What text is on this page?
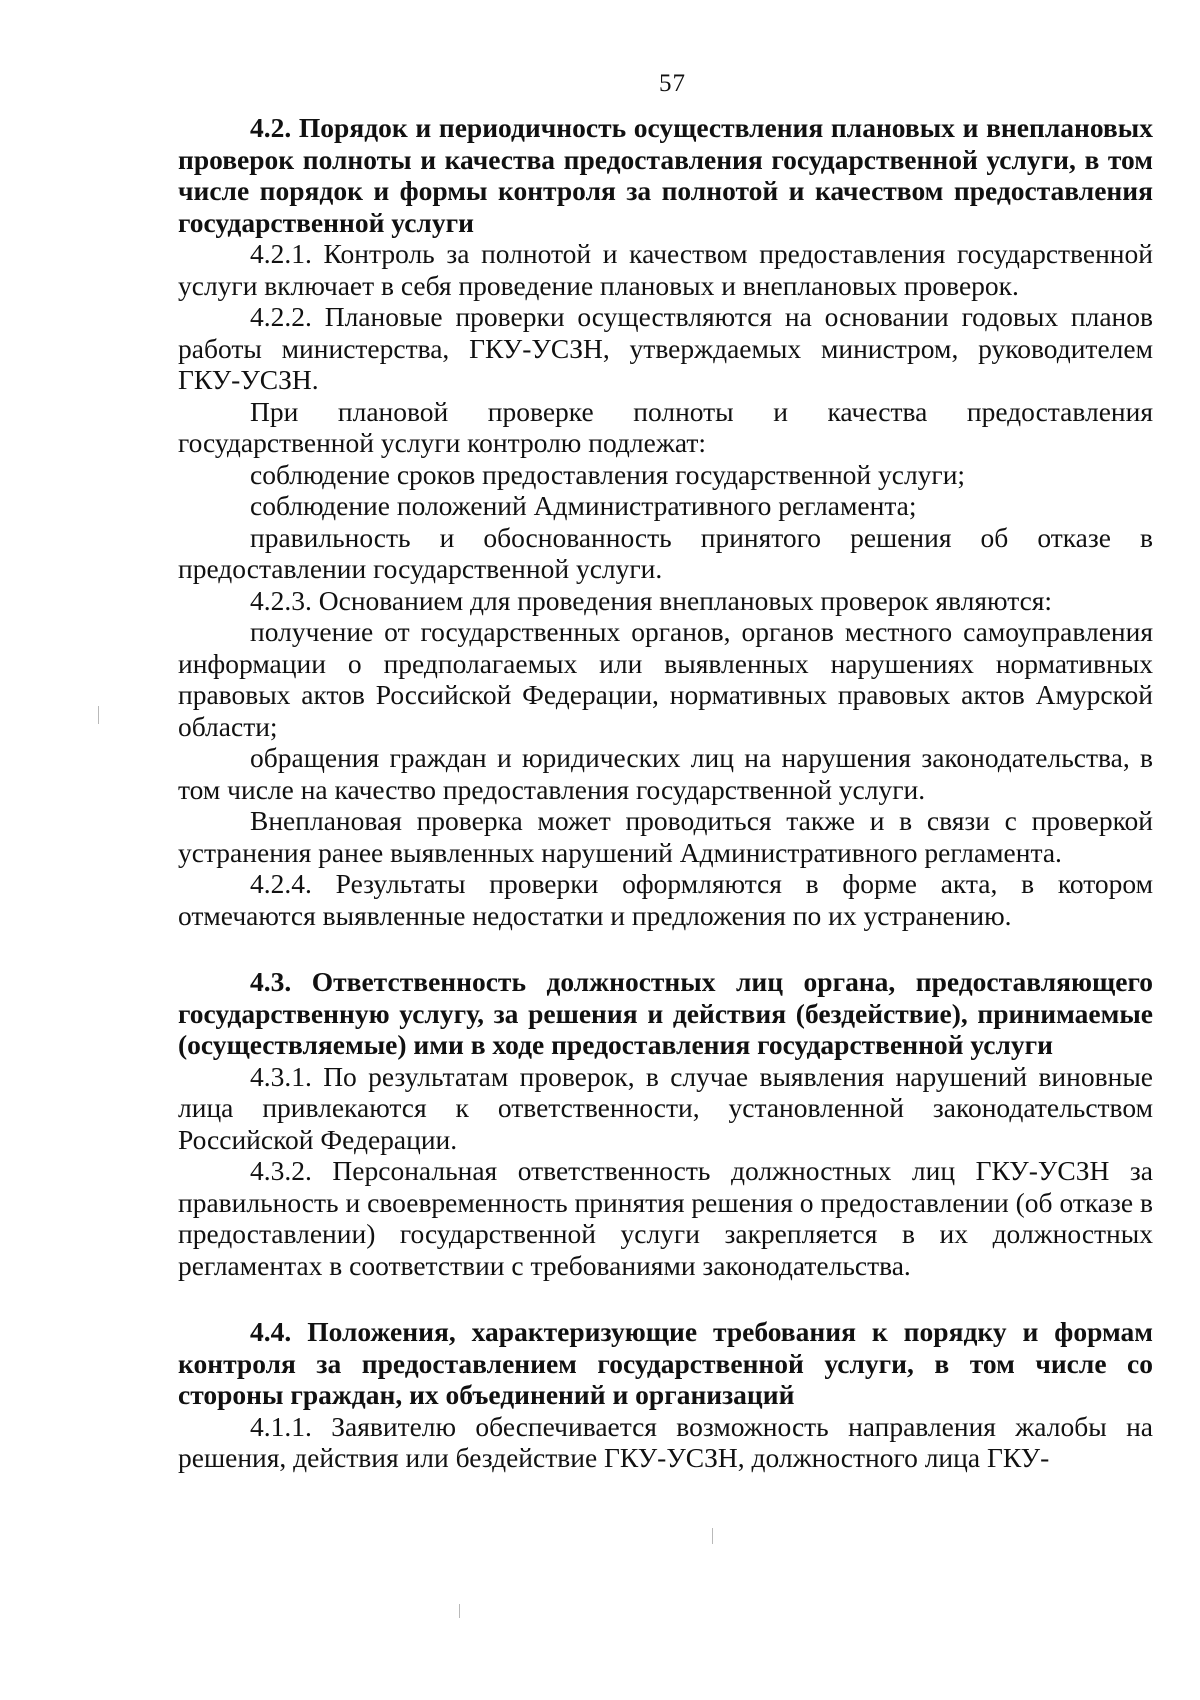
57

4.2. Порядок и периодичность осуществления плановых и внеплановых проверок полноты и качества предоставления государственной услуги, в том числе порядок и формы контроля за полнотой и качеством предоставления государственной услуги

4.2.1. Контроль за полнотой и качеством предоставления государственной услуги включает в себя проведение плановых и внеплановых проверок.

4.2.2. Плановые проверки осуществляются на основании годовых планов работы министерства, ГКУ-УСЗН, утверждаемых министром, руководителем ГКУ-УСЗН.

При плановой проверке полноты и качества предоставления государственной услуги контролю подлежат:

соблюдение сроков предоставления государственной услуги;

соблюдение положений Административного регламента;

правильность и обоснованность принятого решения об отказе в предоставлении государственной услуги.

4.2.3. Основанием для проведения внеплановых проверок являются:

получение от государственных органов, органов местного самоуправления информации о предполагаемых или выявленных нарушениях нормативных правовых актов Российской Федерации, нормативных правовых актов Амурской области;

обращения граждан и юридических лиц на нарушения законодательства, в том числе на качество предоставления государственной услуги.

Внеплановая проверка может проводиться также и в связи с проверкой устранения ранее выявленных нарушений Административного регламента.

4.2.4. Результаты проверки оформляются в форме акта, в котором отмечаются выявленные недостатки и предложения по их устранению.

4.3. Ответственность должностных лиц органа, предоставляющего государственную услугу, за решения и действия (бездействие), принимаемые (осуществляемые) ими в ходе предоставления государственной услуги

4.3.1. По результатам проверок, в случае выявления нарушений виновные лица привлекаются к ответственности, установленной законодательством Российской Федерации.

4.3.2. Персональная ответственность должностных лиц ГКУ-УСЗН за правильность и своевременность принятия решения о предоставлении (об отказе в предоставлении) государственной услуги закрепляется в их должностных регламентах в соответствии с требованиями законодательства.

4.4. Положения, характеризующие требования к порядку и формам контроля за предоставлением государственной услуги, в том числе со стороны граждан, их объединений и организаций

4.1.1. Заявителю обеспечивается возможность направления жалобы на решения, действия или бездействие ГКУ-УСЗН, должностного лица ГКУ-
